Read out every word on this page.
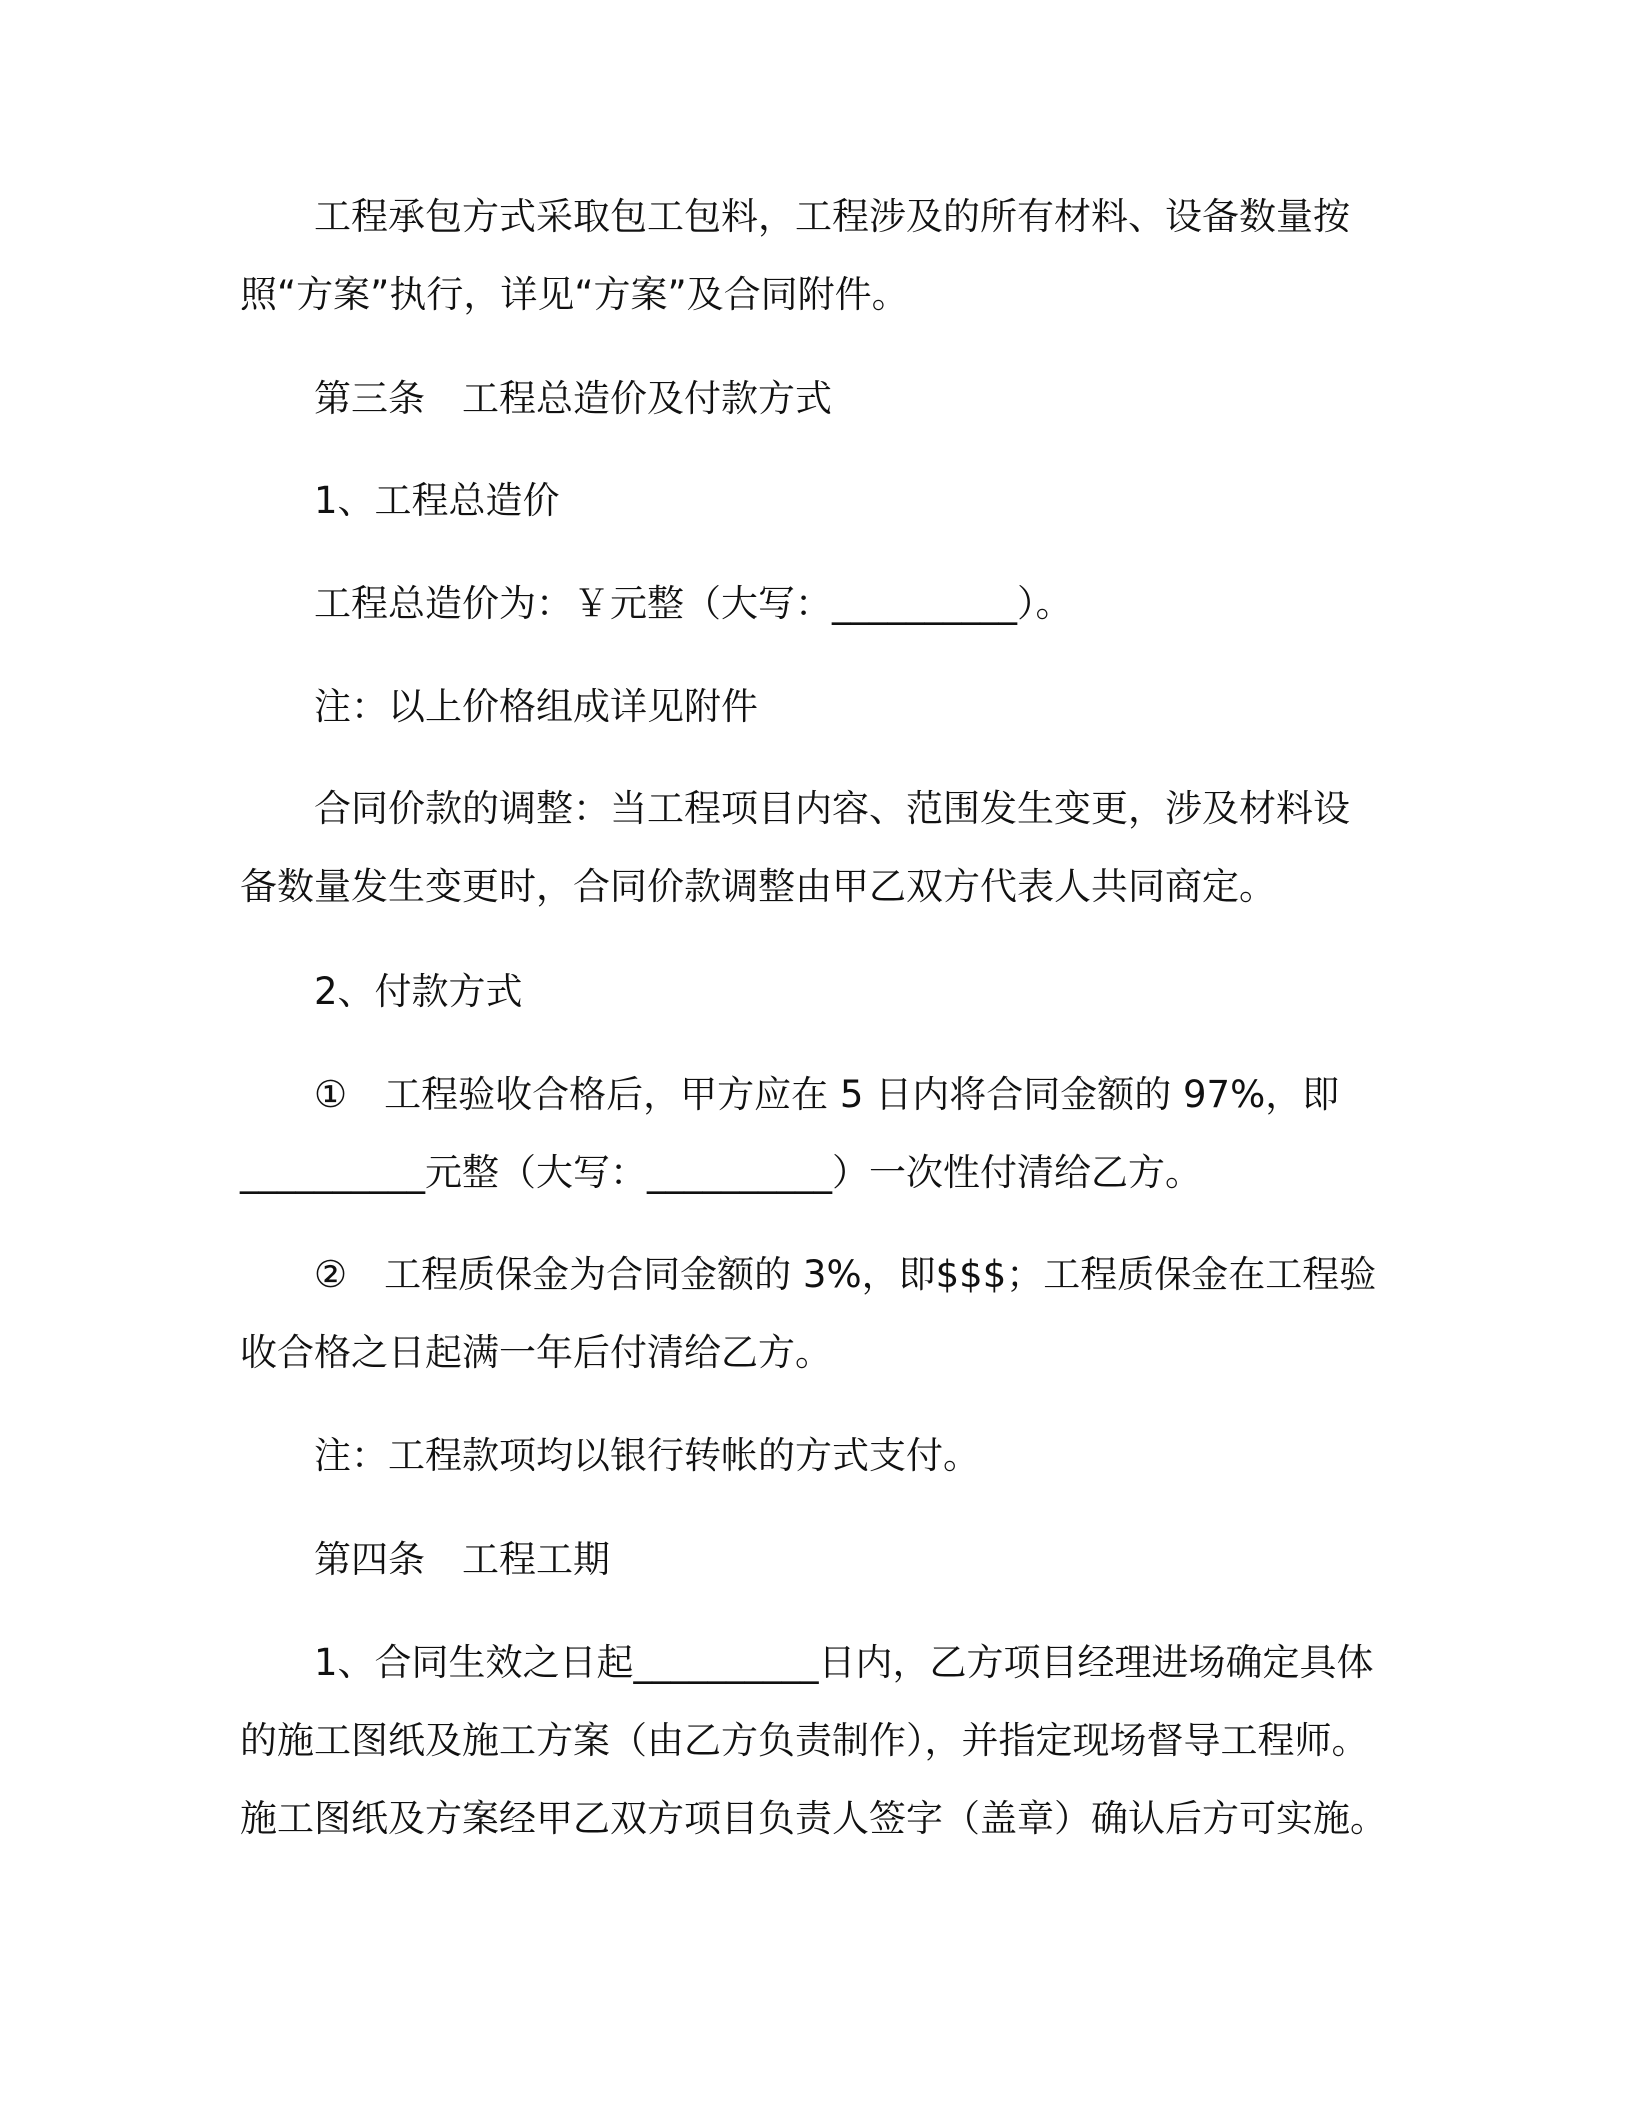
工程承包方式采取包工包料，工程涉及的所有材料、设备数量按
照“方案”执行，详见“方案”及合同附件。
第三条　工程总造价及付款方式
1、工程总造价
工程总造价为：￥元整（大写：__________）。
注：以上价格组成详见附件
合同价款的调整：当工程项目内容、范围发生变更，涉及材料设
备数量发生变更时，合同价款调整由甲乙双方代表人共同商定。
2、付款方式
①　工程验收合格后，甲方应在 5 日内将合同金额的 97%，即
__________元整（大写：__________）一次性付清给乙方。
②　工程质保金为合同金额的 3%，即$$$；工程质保金在工程验
收合格之日起满一年后付清给乙方。
注：工程款项均以银行转帐的方式支付。
第四条　工程工期
1、合同生效之日起__________日内，乙方项目经理进场确定具体
的施工图纸及施工方案（由乙方负责制作），并指定现场督导工程师。
施工图纸及方案经甲乙双方项目负责人签字（盖章）确认后方可实施。
